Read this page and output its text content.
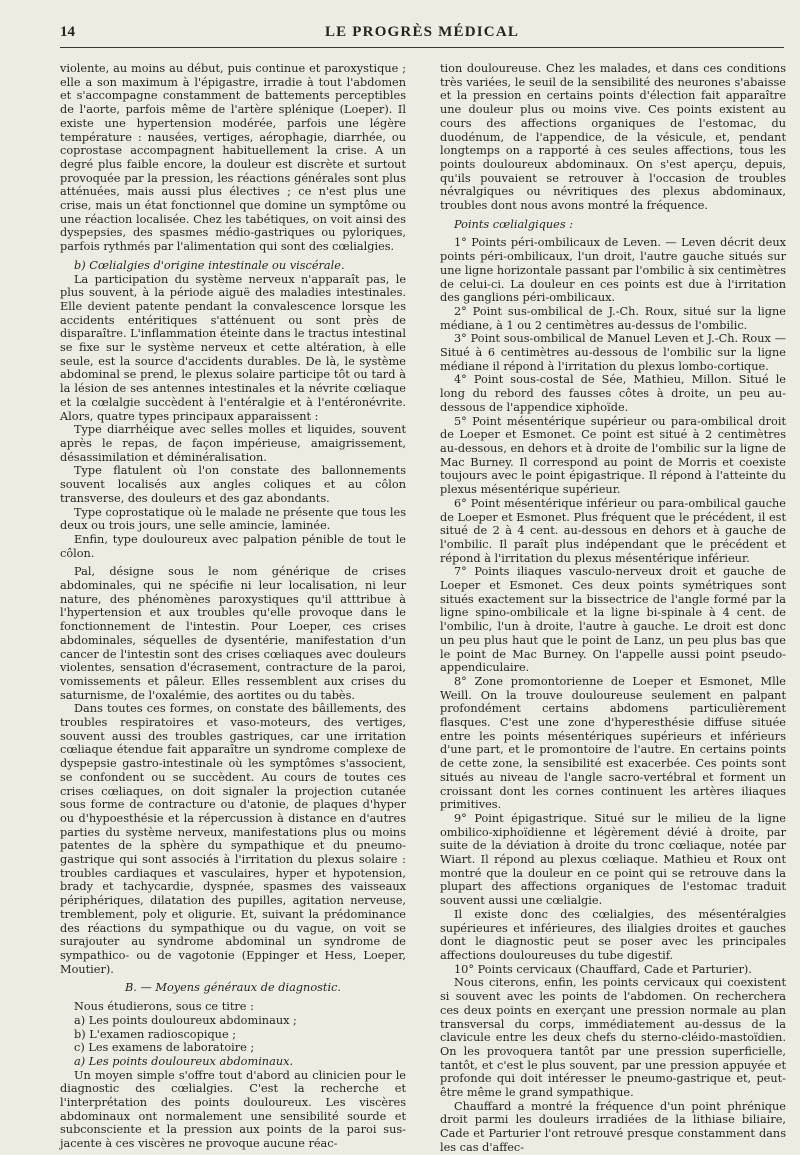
14	LE PROGRÈS MÉDICAL

violente, au moins au début, puis continue et paroxystique ; elle a son maximum à l'épigastre, irradie à tout l'abdomen et s'accompagne constamment de battements perceptibles de l'aorte, parfois même de l'artère splénique (Loeper). Il existe une hypertension modérée, parfois une légère température : nausées, vertiges, aérophagie, diarrhée, ou coprostase accompagnent habituellement la crise. A un degré plus faible encore, la douleur est discrète et surtout provoquée par la pression, les réactions générales sont plus atténuées, mais aussi plus électives ; ce n'est plus une crise, mais un état fonctionnel que domine un symptôme ou une réaction localisée. Chez les tabétiques, on voit ainsi des dyspepsies, des spasmes médio-gastriques ou pyloriques, parfois rythmés par l'alimentation qui sont des cœlialgies.

b) Cœlialgies d'origine intestinale ou viscérale.

La participation du système nerveux n'apparaît pas, le plus souvent, à la période aiguë des maladies intestinales. Elle devient patente pendant la convalescence lorsque les accidents entéritiques s'atténuent ou sont près de disparaître. L'inflammation éteinte dans le tractus intestinal se fixe sur le système nerveux et cette altération, à elle seule, est la source d'accidents durables. De là, le système abdominal se prend, le plexus solaire participe tôt ou tard à la lésion de ses antennes intestinales et la névrite cœliaque et la cœlalgie succèdent à l'entéralgie et à l'entéronévrite. Alors, quatre types principaux apparaissent :

Type diarrhéique avec selles molles et liquides, souvent après le repas, de façon impérieuse, amaigrissement, désassimilation et déminéralisation.

Type flatulent où l'on constate des ballonnements souvent localisés aux angles coliques et au côlon transverse, des douleurs et des gaz abondants.

Type coprostatique où le malade ne présente que tous les deux ou trois jours, une selle amincie, laminée.

Enfin, type douloureux avec palpation pénible de tout le côlon.

Pal, désigne sous le nom générique de crises abdominales, qui ne spécifie ni leur localisation, ni leur nature, des phénomènes paroxystiques qu'il atttribue à l'hypertension et aux troubles qu'elle provoque dans le fonctionnement de l'intestin. Pour Loeper, ces crises abdominales, séquelles de dysentérie, manifestation d'un cancer de l'intestin sont des crises cœliaques avec douleurs violentes, sensation d'écrasement, contracture de la paroi, vomissements et pâleur. Elles ressemblent aux crises du saturnisme, de l'oxalémie, des aortites ou du tabès.

Dans toutes ces formes, on constate des bâillements, des troubles respiratoires et vaso-moteurs, des vertiges, souvent aussi des troubles gastriques, car une irritation cœliaque étendue fait apparaître un syndrome complexe de dyspepsie gastro-intestinale où les symptômes s'associent, se confondent ou se succèdent. Au cours de toutes ces crises cœliaques, on doit signaler la projection cutanée sous forme de contracture ou d'atonie, de plaques d'hyper ou d'hypoesthésie et la répercussion à distance en d'autres parties du système nerveux, manifestations plus ou moins patentes de la sphère du sympathique et du pneumo-gastrique qui sont associés à l'irritation du plexus solaire : troubles cardiaques et vasculaires, hyper et hypotension, brady et tachycardie, dyspnée, spasmes des vaisseaux périphériques, dilatation des pupilles, agitation nerveuse, tremblement, poly et oligurie. Et, suivant la prédominance des réactions du sympathique ou du vague, on voit se surajouter au syndrome abdominal un syndrome de sympathico- ou de vagotonie (Eppinger et Hess, Loeper, Moutier).

B. — Moyens généraux de diagnostic.

Nous étudierons, sous ce titre :

a) Les points douloureux abdominaux ;

b) L'examen radioscopique ;

c) Les examens de laboratoire ;

a) Les points douloureux abdominaux.

Un moyen simple s'offre tout d'abord au clinicien pour le diagnostic des cœlialgies. C'est la recherche et l'interprétation des points douloureux. Les viscères abdominaux ont normalement une sensibilité sourde et subconsciente et la pression aux points de la paroi sus-jacente à ces viscères ne provoque aucune réac-

tion douloureuse. Chez les malades, et dans ces conditions très variées, le seuil de la sensibilité des neurones s'abaisse et la pression en certains points d'élection fait apparaître une douleur plus ou moins vive. Ces points existent au cours des affections organiques de l'estomac, du duodénum, de l'appendice, de la vésicule, et, pendant longtemps on a rapporté à ces seules affections, tous les points douloureux abdominaux. On s'est aperçu, depuis, qu'ils pouvaient se retrouver à l'occasion de troubles névralgiques ou névritiques des plexus abdominaux, troubles dont nous avons montré la fréquence.

Points cœlialgiques :

1° Points péri-ombilicaux de Leven. — Leven décrit deux points péri-ombilicaux, l'un droit, l'autre gauche situés sur une ligne horizontale passant par l'ombilic à six centimètres de celui-ci. La douleur en ces points est due à l'irritation des ganglions péri-ombilicaux.

2° Point sus-ombilical de J.-Ch. Roux, situé sur la ligne médiane, à 1 ou 2 centimètres au-dessus de l'ombilic.

3° Point sous-ombilical de Manuel Leven et J.-Ch. Roux — Situé à 6 centimètres au-dessous de l'ombilic sur la ligne médiane il répond à l'irritation du plexus lombo-cortique.

4° Point sous-costal de Sée, Mathieu, Millon. Situé le long du rebord des fausses côtes à droite, un peu au-dessous de l'appendice xiphoïde.

5° Point mésentérique supérieur ou para-ombilical droit de Loeper et Esmonet. Ce point est situé à 2 centimètres au-dessous, en dehors et à droite de l'ombilic sur la ligne de Mac Burney. Il correspond au point de Morris et coexiste toujours avec le point épigastrique. Il répond à l'atteinte du plexus mésentérique supérieur.

6° Point mésentérique inférieur ou para-ombilical gauche de Loeper et Esmonet. Plus fréquent que le précédent, il est situé de 2 à 4 cent. au-dessous en dehors et à gauche de l'ombilic. Il paraît plus indépendant que le précédent et répond à l'irritation du plexus mésentérique inférieur.

7° Points iliaques vasculo-nerveux droit et gauche de Loeper et Esmonet. Ces deux points symétriques sont situés exactement sur la bissectrice de l'angle formé par la ligne spino-ombilicale et la ligne bi-spinale à 4 cent. de l'ombilic, l'un à droite, l'autre à gauche. Le droit est donc un peu plus haut que le point de Lanz, un peu plus bas que le point de Mac Burney. On l'appelle aussi point pseudo-appendiculaire.

8° Zone promontorienne de Loeper et Esmonet, Mlle Weill. On la trouve douloureuse seulement en palpant profondément certains abdomens particulièrement flasques. C'est une zone d'hyperesthésie diffuse située entre les points mésentériques supérieurs et inférieurs d'une part, et le promontoire de l'autre. En certains points de cette zone, la sensibilité est exacerbée. Ces points sont situés au niveau de l'angle sacro-vertébral et forment un croissant dont les cornes continuent les artères iliaques primitives.

9° Point épigastrique. Situé sur le milieu de la ligne ombilico-xiphoïdienne et légèrement dévié à droite, par suite de la déviation à droite du tronc cœliaque, notée par Wiart. Il répond au plexus cœliaque. Mathieu et Roux ont montré que la douleur en ce point qui se retrouve dans la plupart des affections organiques de l'estomac traduit souvent aussi une cœlialgie.

Il existe donc des cœlialgies, des mésentéralgies supérieures et inférieures, des ilialgies droites et gauches dont le diagnostic peut se poser avec les principales affections douloureuses du tube digestif.

10° Points cervicaux (Chauffard, Cade et Parturier).

Nous citerons, enfin, les points cervicaux qui coexistent si souvent avec les points de l'abdomen. On recherchera ces deux points en exerçant une pression normale au plan transversal du corps, immédiatement au-dessus de la clavicule entre les deux chefs du sterno-cléido-mastoïdien. On les provoquera tantôt par une pression superficielle, tantôt, et c'est le plus souvent, par une pression appuyée et profonde qui doit intéresser le pneumo-gastrique et, peut-être même le grand sympathique.

Chauffard a montré la fréquence d'un point phrénique droit parmi les douleurs irradiées de la lithiase biliaire, Cade et Parturier l'ont retrouvé presque constamment dans les cas d'affec-
